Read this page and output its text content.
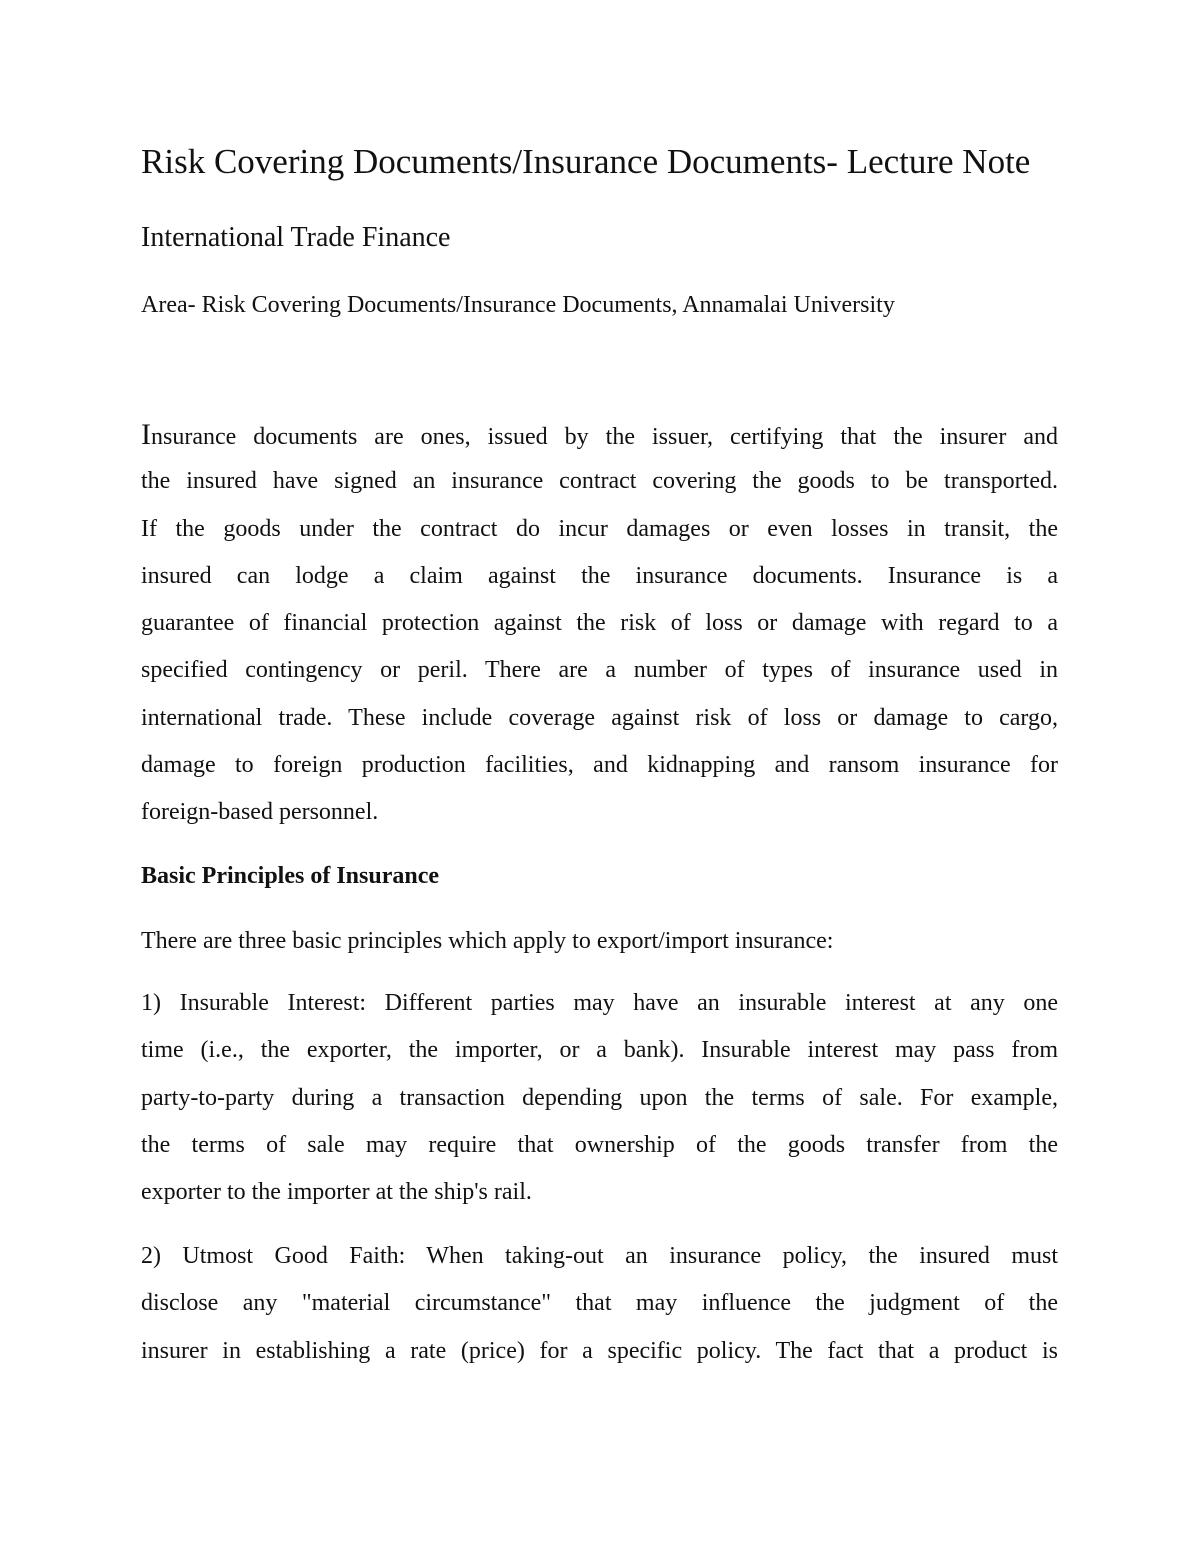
Risk Covering Documents/Insurance Documents- Lecture Note
International Trade Finance

Area- Risk Covering Documents/Insurance Documents, Annamalai University

Insurance documents are ones, issued by the issuer, certifying that the insurer and
the insured have signed an insurance contract covering the goods to be transported.
If the goods under the contract do incur damages or even losses in transit, the
insured can lodge a claim against the insurance documents. Insurance is a
guarantee of financial protection against the risk of loss or damage with regard to a
specified contingency or peril. There are a number of types of insurance used in
international trade. These include coverage against risk of loss or damage to cargo,
damage to foreign production facilities, and kidnapping and ransom insurance for
foreign-based personnel.
Basic Principles of Insurance

There are three basic principles which apply to export/import insurance:

1) Insurable Interest: Different parties may have an insurable interest at any one
time (i.e., the exporter, the importer, or a bank). Insurable interest may pass from
party-to-party during a transaction depending upon the terms of sale. For example,
the terms of sale may require that ownership of the goods transfer from the
exporter to the importer at the ship's rail.
2) Utmost Good Faith: When taking-out an insurance policy, the insured must
disclose any "material circumstance" that may influence the judgment of the
insurer in establishing a rate (price) for a specific policy. The fact that a product is
